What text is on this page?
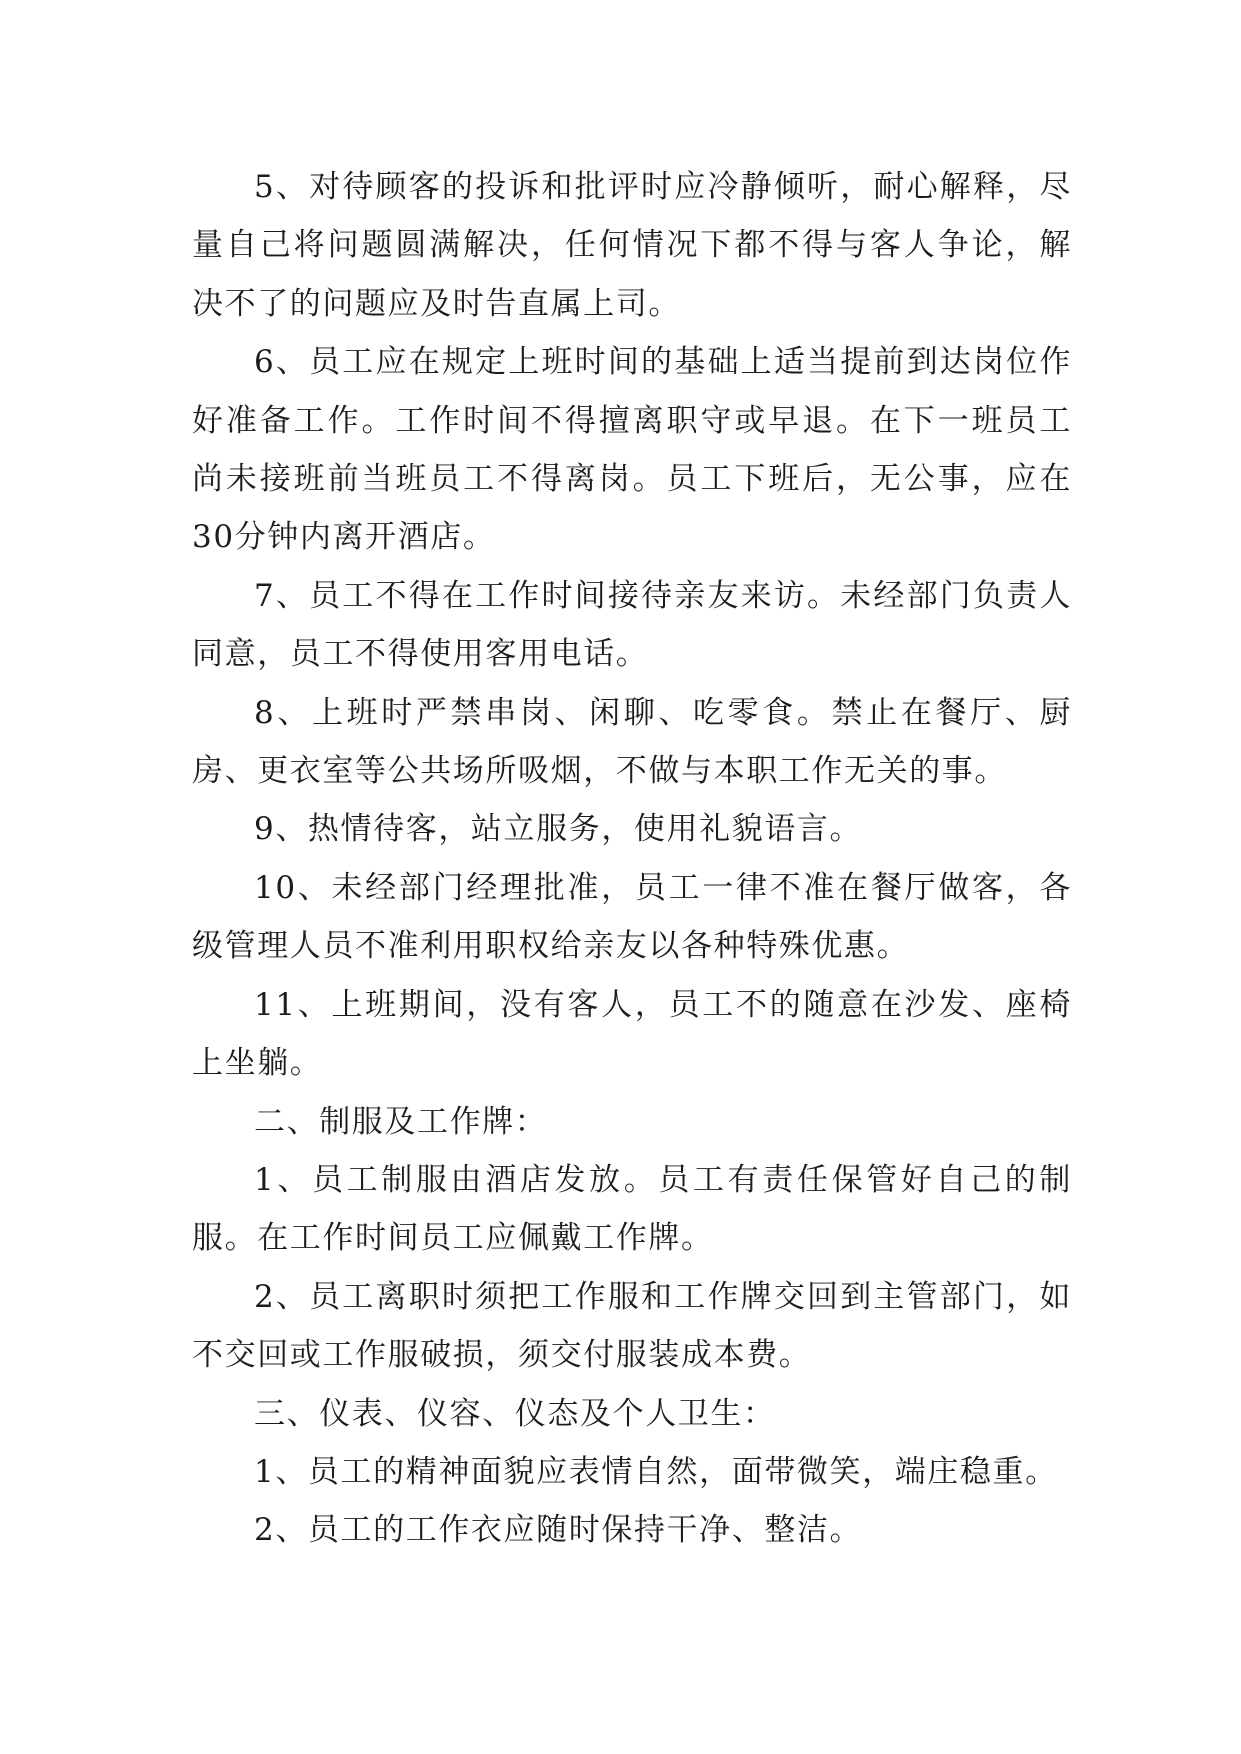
5、对待顾客的投诉和批评时应冷静倾听，耐心解释，尽量自己将问题圆满解决，任何情况下都不得与客人争论，解决不了的问题应及时告直属上司。

6、员工应在规定上班时间的基础上适当提前到达岗位作好准备工作。工作时间不得擅离职守或早退。在下一班员工尚未接班前当班员工不得离岗。员工下班后，无公事，应在30分钟内离开酒店。

7、员工不得在工作时间接待亲友来访。未经部门负责人同意，员工不得使用客用电话。

8、上班时严禁串岗、闲聊、吃零食。禁止在餐厅、厨房、更衣室等公共场所吸烟，不做与本职工作无关的事。

9、热情待客，站立服务，使用礼貌语言。

10、未经部门经理批准，员工一律不准在餐厅做客，各级管理人员不准利用职权给亲友以各种特殊优惠。

11、上班期间，没有客人，员工不的随意在沙发、座椅上坐躺。

二、制服及工作牌：

1、员工制服由酒店发放。员工有责任保管好自己的制服。在工作时间员工应佩戴工作牌。

2、员工离职时须把工作服和工作牌交回到主管部门，如不交回或工作服破损，须交付服装成本费。

三、仪表、仪容、仪态及个人卫生：

1、员工的精神面貌应表情自然，面带微笑，端庄稳重。

2、员工的工作衣应随时保持干净、整洁。
